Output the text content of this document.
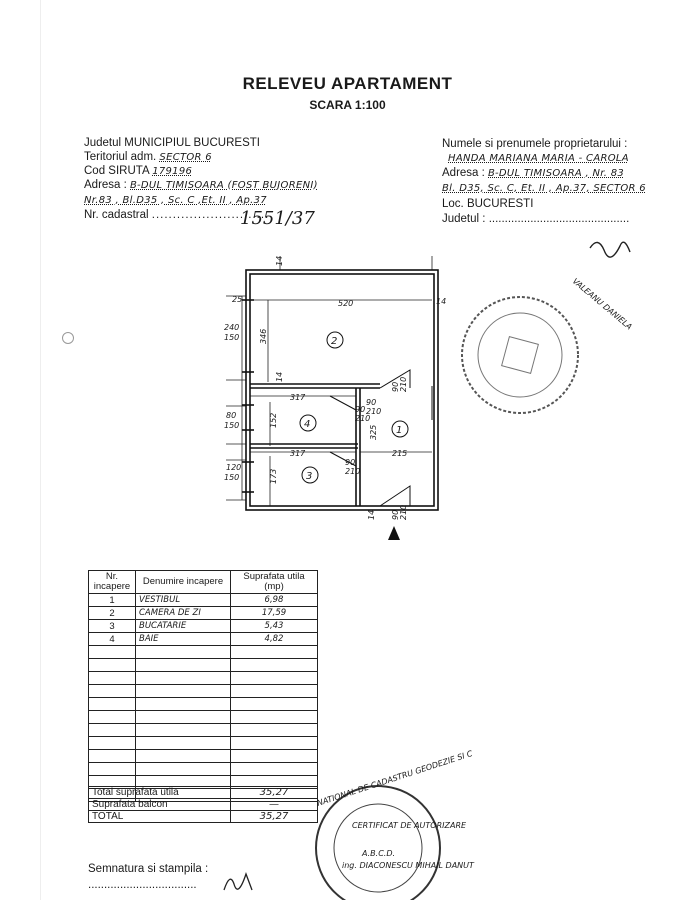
RELEVEU APARTAMENT
SCARA 1:100
Judetul MUNICIPIUL BUCURESTI
Teritoriul adm. SECTOR 6
Cod SIRUTA 179196
Adresa : B-DUL TIMISOARA (FOST BUJORENI)
Nr.83 , Bl.D35 , Sc. C ,Et. II , Ap.37
Nr. cadastral ............................
1551/37
Numele si prenumele proprietarului :
HANDA MARIANA MARIA - CAROLA
Adresa : B-DUL TIMISOARA , Nr. 83
Bl. D35, Sc. C, Et. II , Ap.37, SECTOR 6
Loc. BUCURESTI
Judetul : ............................................
2
4
3
1
520
25	14
240
150 346
317
317
80
150
120
150
152
173
215
325
14
14
14
90 210
90
210
90
210
90 210
90
210
VALEANU DANIELA
CERTIFICAT DE AUTORIZARE
A.B.C.D.
ing. DIACONESCU MIHAIL DANUT
NATIONAL DE CADASTRU GEODEZIE SI C
Nr. incapere	Denumire incapere	Suprafata utila (mp)
1	VESTIBUL	6,98
2	CAMERA DE ZI	17,59
3	BUCATARIE	5,43
4	BAIE	4,82

Total suprafata utila	35,27
Suprafata balcon	—
TOTAL	35,27
Semnatura si stampila :
..................................
